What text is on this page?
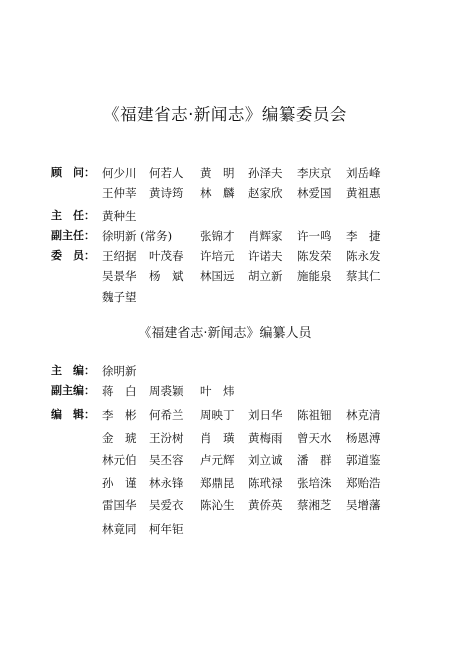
《福建省志·新闻志》编纂委员会
顾　问： 何少川 何若人 黄　明 孙泽夫 李庆京 刘岳峰
王仲莘 黄诗筠 林　麟 赵家欣 林爱国 黄祖惠
主　任： 黄种生
副主任： 徐明新 (常务) 张锦才 肖辉家 许一鸣 李　捷
委　员： 王绍据 叶茂春 许培元 许诺夫 陈发荣 陈永发
吴景华 杨　斌 林国远 胡立新 施能泉 蔡其仁
魏子望
《福建省志·新闻志》编纂人员
主　编： 徐明新
副主编： 蒋　白 周裘颖 叶　炜
编　辑： 李　彬 何希兰 周映丁 刘日华 陈祖钿 林克清
金　琥 王汾树 肖　璜 黄梅雨 曾天水 杨恩溥
林元伯 吴丕容 卢元辉 刘立诚 潘　群 郭道鉴
孙　谨 林永锋 郑鼎昆 陈玳禄 张培洙 郑贻浩
雷国华 吴爱衣 陈沁生 黄侨英 蔡湘芝 吴增藩
林竟同 柯年钜
